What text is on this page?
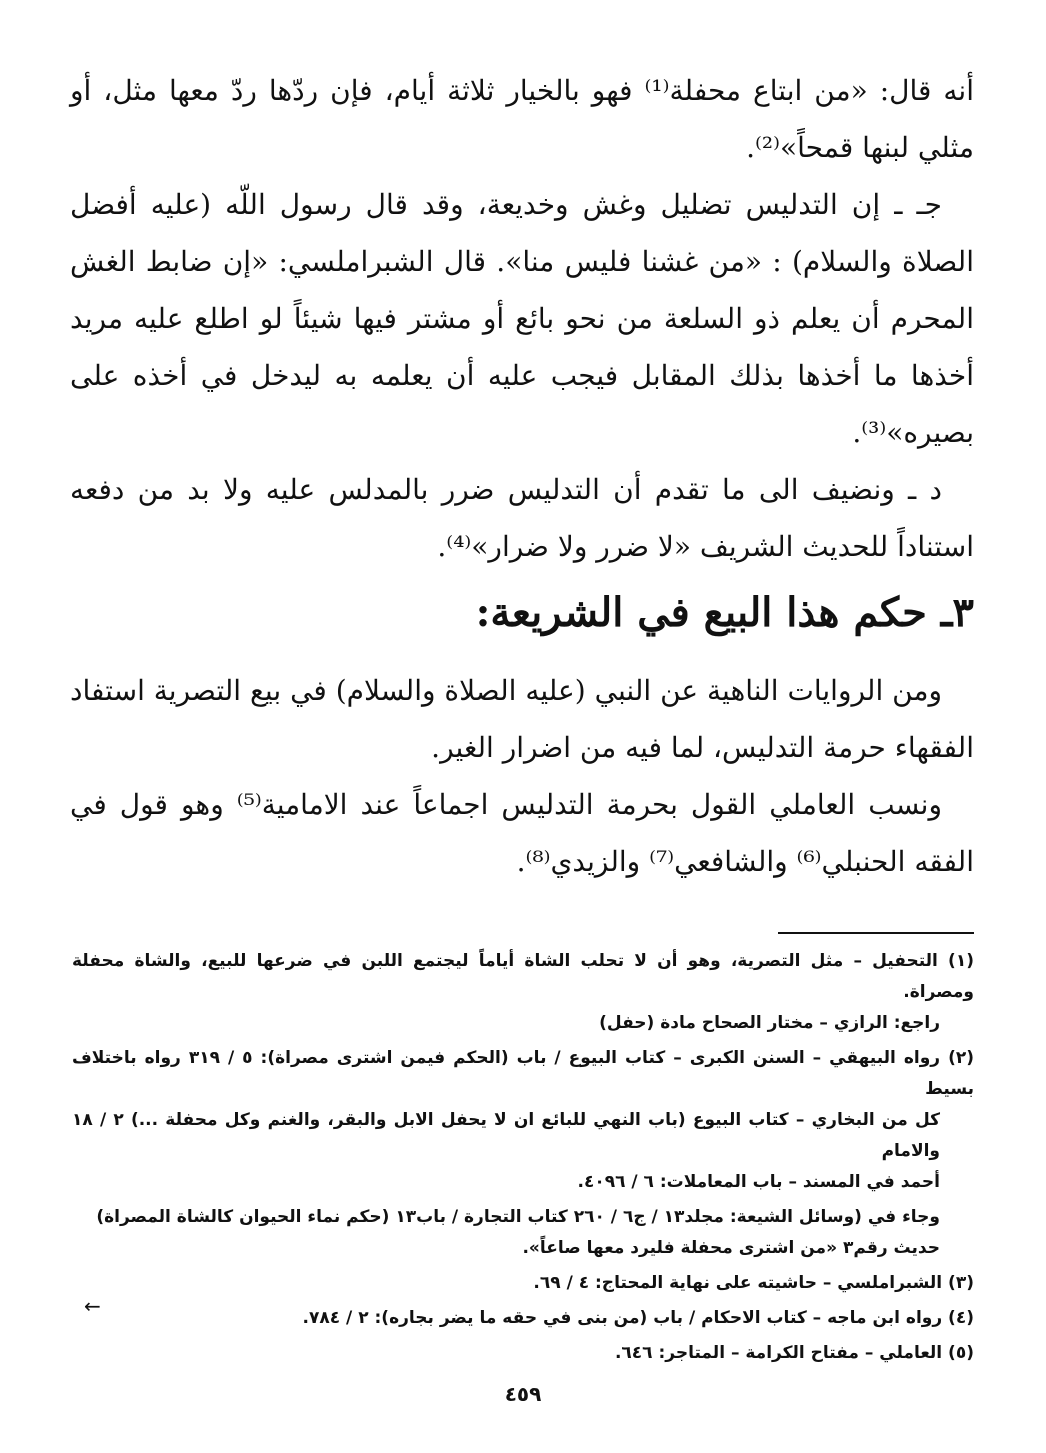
أنه قال: «من ابتاع محفلة⁽¹⁾ فهو بالخيار ثلاثة أيام، فإن ردّها ردّ معها مثل، أو مثلي لبنها قمحاً»⁽²⁾.

جـ ـ إن التدليس تضليل وغش وخديعة، وقد قال رسول اللّه (عليه أفضل الصلاة والسلام) : «من غشنا فليس منا». قال الشبراملسي: «إن ضابط الغش المحرم أن يعلم ذو السلعة من نحو بائع أو مشتر فيها شيئاً لو اطلع عليه مريد أخذها ما أخذها بذلك المقابل فيجب عليه أن يعلمه به ليدخل في أخذه على بصيره»⁽³⁾.

د ـ ونضيف الى ما تقدم أن التدليس ضرر بالمدلس عليه ولا بد من دفعه استناداً للحديث الشريف «لا ضرر ولا ضرار»⁽⁴⁾.

٣ـ حكم هذا البيع في الشريعة:

ومن الروايات الناهية عن النبي (عليه الصلاة والسلام) في بيع التصرية استفاد الفقهاء حرمة التدليس، لما فيه من اضرار الغير.

ونسب العاملي القول بحرمة التدليس اجماعاً عند الامامية⁽⁵⁾ وهو قول في الفقه الحنبلي⁽⁶⁾ والشافعي⁽⁷⁾ والزيدي⁽⁸⁾.

(١) التحفيل – مثل التصرية، وهو أن لا تحلب الشاة أياماً ليجتمع اللبن في ضرعها للبيع، والشاة محفلة ومصراة.
راجع: الرازي – مختار الصحاح مادة (حفل)

(٢) رواه البيهقي – السنن الكبرى – كتاب البيوع / باب (الحكم فيمن اشترى مصراة): ٥ / ٣١٩ رواه باختلاف بسيط
كل من البخاري – كتاب البيوع (باب النهي للبائع ان لا يحفل الابل والبقر، والغنم وكل محفلة ...) ٢ / ١٨ والامام
أحمد في المسند – باب المعاملات: ٦ / ٤٠٩٦.

وجاء في (وسائل الشيعة: مجلد١٣ / ج٦ / ٢٦٠ كتاب التجارة / باب١٣ (حكم نماء الحيوان كالشاة المصراة)
حديث رقم٣ «من اشترى محفلة فليرد معها صاعاً».

(٣) الشبراملسي – حاشيته على نهاية المحتاج: ٤ / ٦٩.

(٤) رواه ابن ماجه – كتاب الاحكام / باب (من بنى في حقه ما يضر بجاره): ٢ / ٧٨٤.

(٥) العاملي – مفتاح الكرامة – المتاجر: ٦٤٦.

←
٤٥٩
